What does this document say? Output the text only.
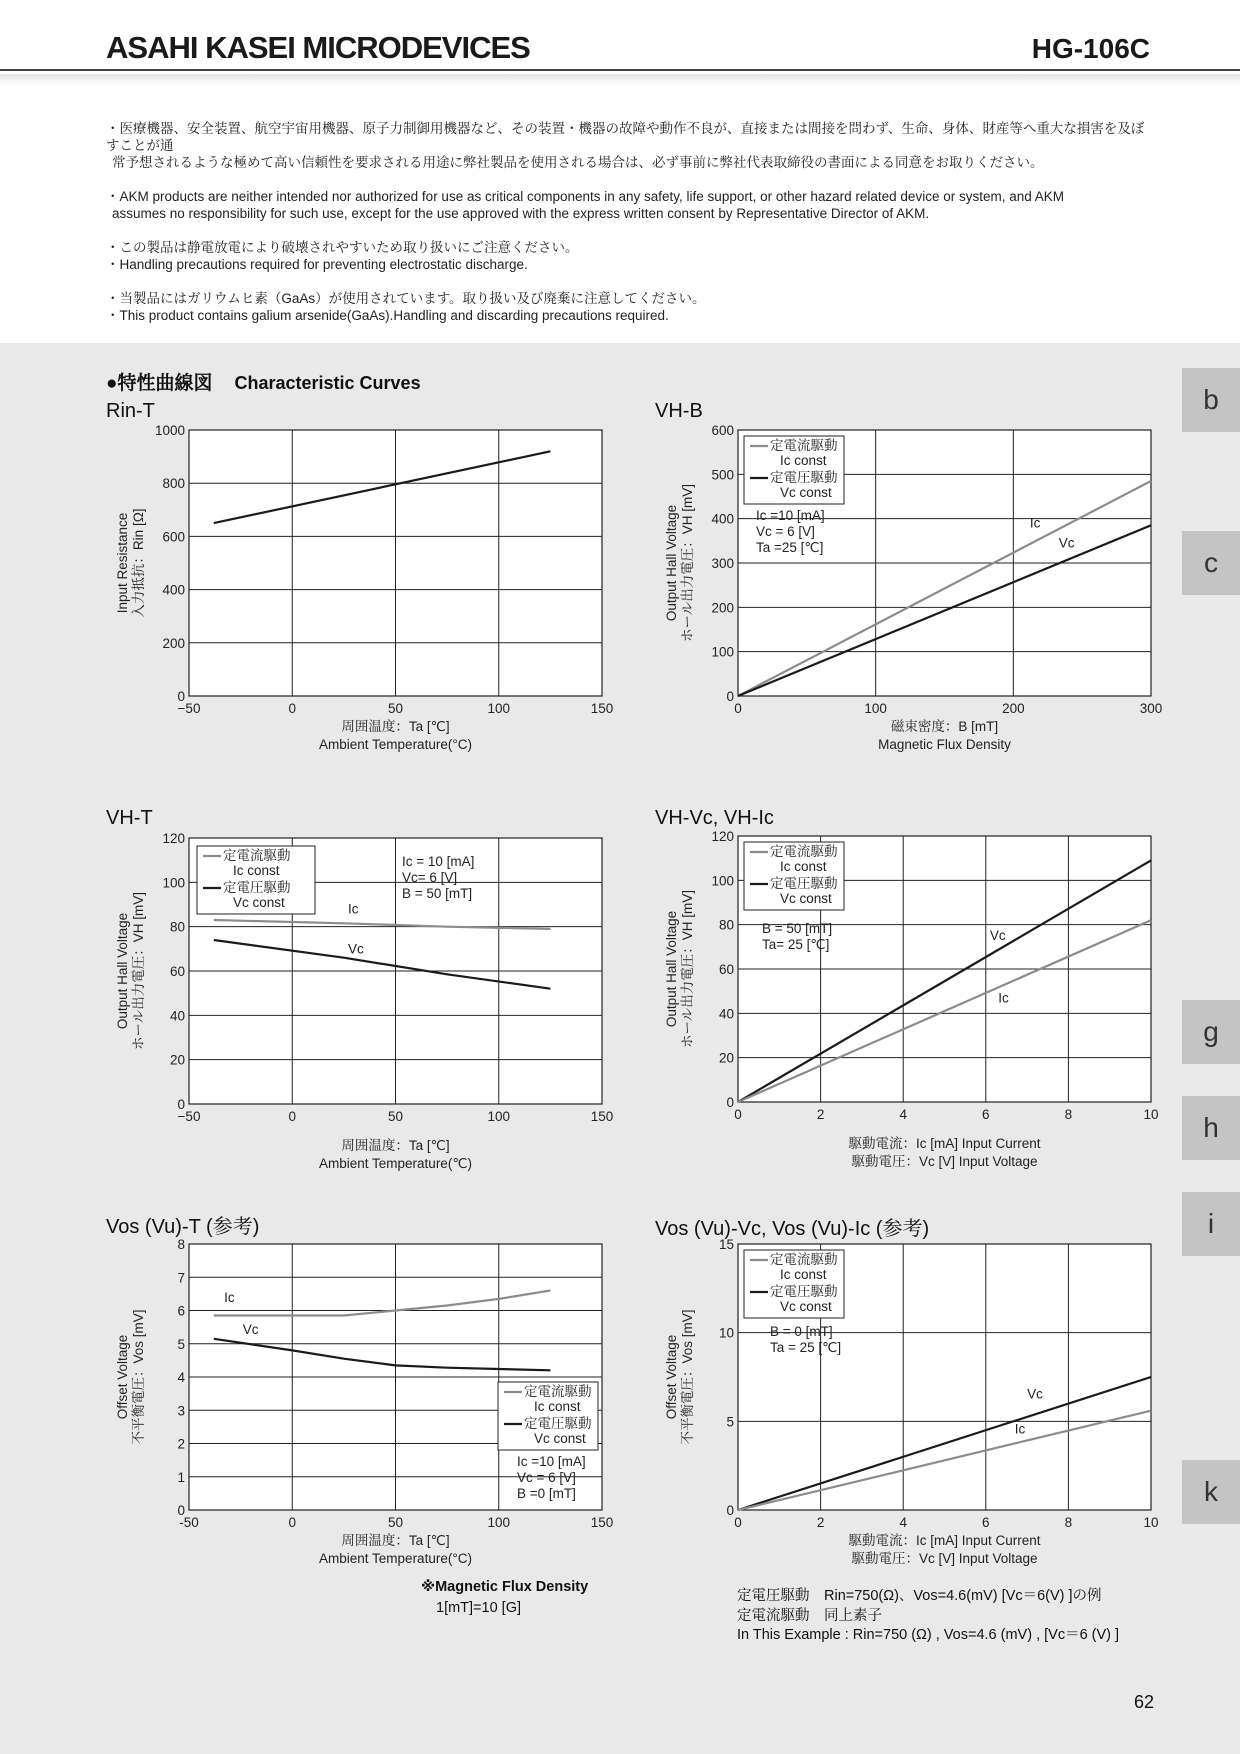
ASAHI KASEI MICRODEVICES	HG-106C

・医療機器、安全装置、航空宇宙用機器、原子力制御用機器など、その装置・機器の故障や動作不良が、直接または間接を問わず、生命、身体、財産等へ重大な損害を及ぼすことが通

常予想されるような極めて高い信頼性を要求される用途に弊社製品を使用される場合は、必ず事前に弊社代表取締役の書面による同意をお取りください。

・AKM products are neither intended nor authorized for use as critical components in any safety, life support, or other hazard related device or system, and AKM

assumes no responsibility for such use, except for the use approved with the express written consent by Representative Director of AKM.

・この製品は静電放電により破壊されやすいため取り扱いにご注意ください。
・Handling precautions required for preventing electrostatic discharge.

・当製品にはガリウムヒ素（GaAs）が使用されています。取り扱い及び廃棄に注意してください。
・This product contains galium arsenide(GaAs).Handling and discarding precautions required.

●特性曲線図 Characteristic Curves
b
c
g
h
i
k
Rin-T	VH-B
VH-T	VH-Vc, VH-Ic
Vos (Vu)-T (参考)	Vos (Vu)-Vc, Vos (Vu)-Ic (参考)
−50	0	50	100	150
0
200
400
600
800
1000
Input Resistance 入力抵抗：Rin [Ω]
周囲温度：Ta [℃]
Ambient Temperature(°C)
0	100	200	300
0
100
200
300
400
500
600
Output Hall Voltage ホール出力電圧：VH [mV]
磁束密度：B [mT]
Magnetic Flux Density
Ic
Vc
定電流駆動
Ic const
定電圧駆動
Vc const
Ic =10 [mA]
Vc = 6 [V]
Ta =25 [℃]
−50	0	50	100	150
0
20
40
60
80
100
120
Output Hall Voltage ホール出力電圧：VH [mV]
周囲温度：Ta [℃]
Ambient Temperature(℃)
Ic
Vc
定電流駆動
Ic const
定電圧駆動
Vc const
Ic = 10 [mA]
Vc= 6 [V]
B = 50 [mT]
0	2	4	6	8	10
0
20
40
60
80
100
120
Output Hall Voltage ホール出力電圧：VH [mV]
駆動電流：Ic [mA] Input Current
駆動電圧：Vc [V] Input Voltage
Vc
Ic
定電流駆動
Ic const
定電圧駆動
Vc const
B = 50 [mT]
Ta= 25 [℃]
-50	0	50	100	150
0
1
2
3
4
5
6
7
8
Offset Voltage 不平衡電圧：Vos [mV]
周囲温度：Ta [℃]
Ambient Temperature(°C)
Ic
Vc
定電流駆動
Ic const
定電圧駆動
Vc const
Ic =10 [mA]
Vc = 6 [V]
B =0 [mT]
0	2	4	6	8	10
0
5
10
15
Offset Voltage 不平衡電圧：Vos [mV]
駆動電流：Ic [mA] Input Current
駆動電圧：Vc [V] Input Voltage
Vc
Ic
定電流駆動
Ic const
定電圧駆動
Vc const
B = 0 [mT]
Ta = 25 [℃]
※Magnetic Flux Density
1[mT]=10 [G]
定電圧駆動　Rin=750(Ω)、Vos=4.6(mV) [Vc＝6(V) ]の例
定電流駆動　同上素子
In This Example : Rin=750 (Ω) , Vos=4.6 (mV) , [Vc＝6 (V) ]
62
